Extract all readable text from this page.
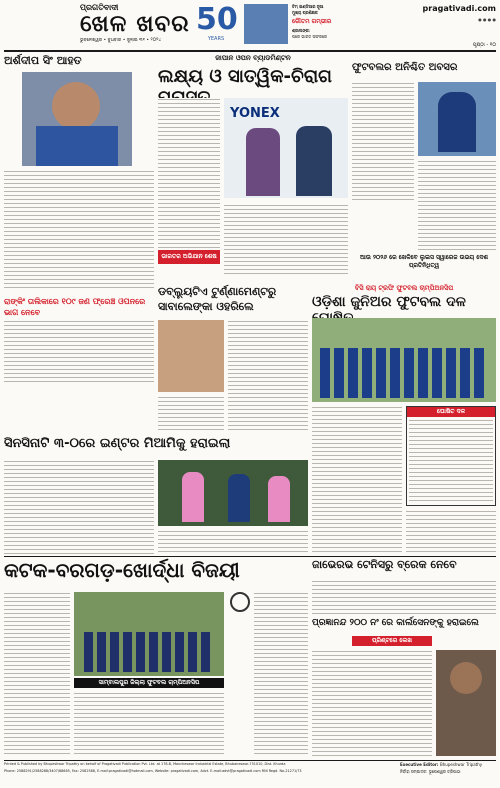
ପ୍ରଗତିବାଦୀ
ଖେଳ ଖବର
ଭୁବନେଶ୍ୱର • ବୁଧବାର • ଜୁଲାଇ ୩୧ • ୨୦୨୪
50
YEARS
ଟିମ୍ ଇଣ୍ଡିଆର ନୂଆ
ମୁଖ୍ୟ ପ୍ରଶିକ୍ଷକ
ଗୌତମ ଗମ୍ଭୀର
ଶ୍ରୀଲଙ୍କା
ପରେ ଭାରତ ସଫରରେ
pragativadi.com
● ● ● ●
ପୃଷ୍ଠା - ୧୦
ଅର୍ଶଦୀପ ସିଂ ଆହତ
ରାଙ୍କିଂ ତାଲିକାରେ ୧୦୯ ଜଣ ଫ୍ରେଞ୍ଚ ଓପନରେ ଭାଗ ନେବେ
ଜାପାନ ଓପନ ବ୍ୟାଡମିଣ୍ଟନ
ଲକ୍ଷ୍ୟ ଓ ସାତ୍ୱିକ-ଚିରାଗ
ଭାରତର ଅଭିଯାନ ଶେଷ
YONEX
ଫୁଟବଲର ଅନିଶ୍ଚିତ ଅବସର
ଆଉ ୨୦୨୬ ରେ ଖେଳିବେ ଲୁଇସ ସ୍ୱାରେଜ ଉଭୟ ଦେଶ ପ୍ରତିନିଧିତ୍ୱ
ଡବ୍ଲ୍ୟୁଟିଏ ଟୁର୍ଣ୍ଣାମେଣ୍ଟରୁ ସାବାଲେଙ୍କା ଓହରିଲେ
ବିସି ରାୟ ଟ୍ରଫି ଫୁଟବଲ ଚାମ୍ପିଅନସିପ
ଓଡ଼ିଶା ଜୁନିଅର ଫୁଟବଲ ଦଳ
ଘୋଷିତ ଦଳ
ସିନସିନାଟି ୩-୦ରେ ଇଣ୍ଟର ମିଆମିକୁ ହରାଇଲା
କଟକ-ବରଗଡ଼-ଖୋର୍ଦ୍ଧା ବିଜୟୀ
ସାମ୍ବାଲପୁର ଜିଲ୍ଲା ଫୁଟବଲ ଚାମ୍ପିଅନସିପ
ଜାଭେରଭ ଟେନିସରୁ ବ୍ରେକ ନେବେ
ପ୍ରଜ୍ଞାନନ୍ଦ ୨୦୦ ନଂ ରେ କାର୍ଲସେନଙ୍କୁ ହରାଇଲେ
ପ୍ରିଣ୍ଟରେ ଲେଖ
Printed & Published by Bhupeshwar Tripathy on behalf of Pragativadi Publication Pvt. Ltd. at 178-B, Mancheswar Industrial Estate, Bhubaneswar-751010, Dist. Khurda
Phone: 2588291/2588288/3407/88665, Fax: 2582588, E-mail:pragativadi@hotmail.com, Website: pragativadi.com, Advt. E-mail:advt@pragativadi.com RNI Regd. No-21271/73
Executive Editor: Bhupeshwar Tripathy
ନିର୍ବାହୀ ସମ୍ପାଦକ: ଭୂପେଶ୍ୱର ତ୍ରିପାଠୀ
